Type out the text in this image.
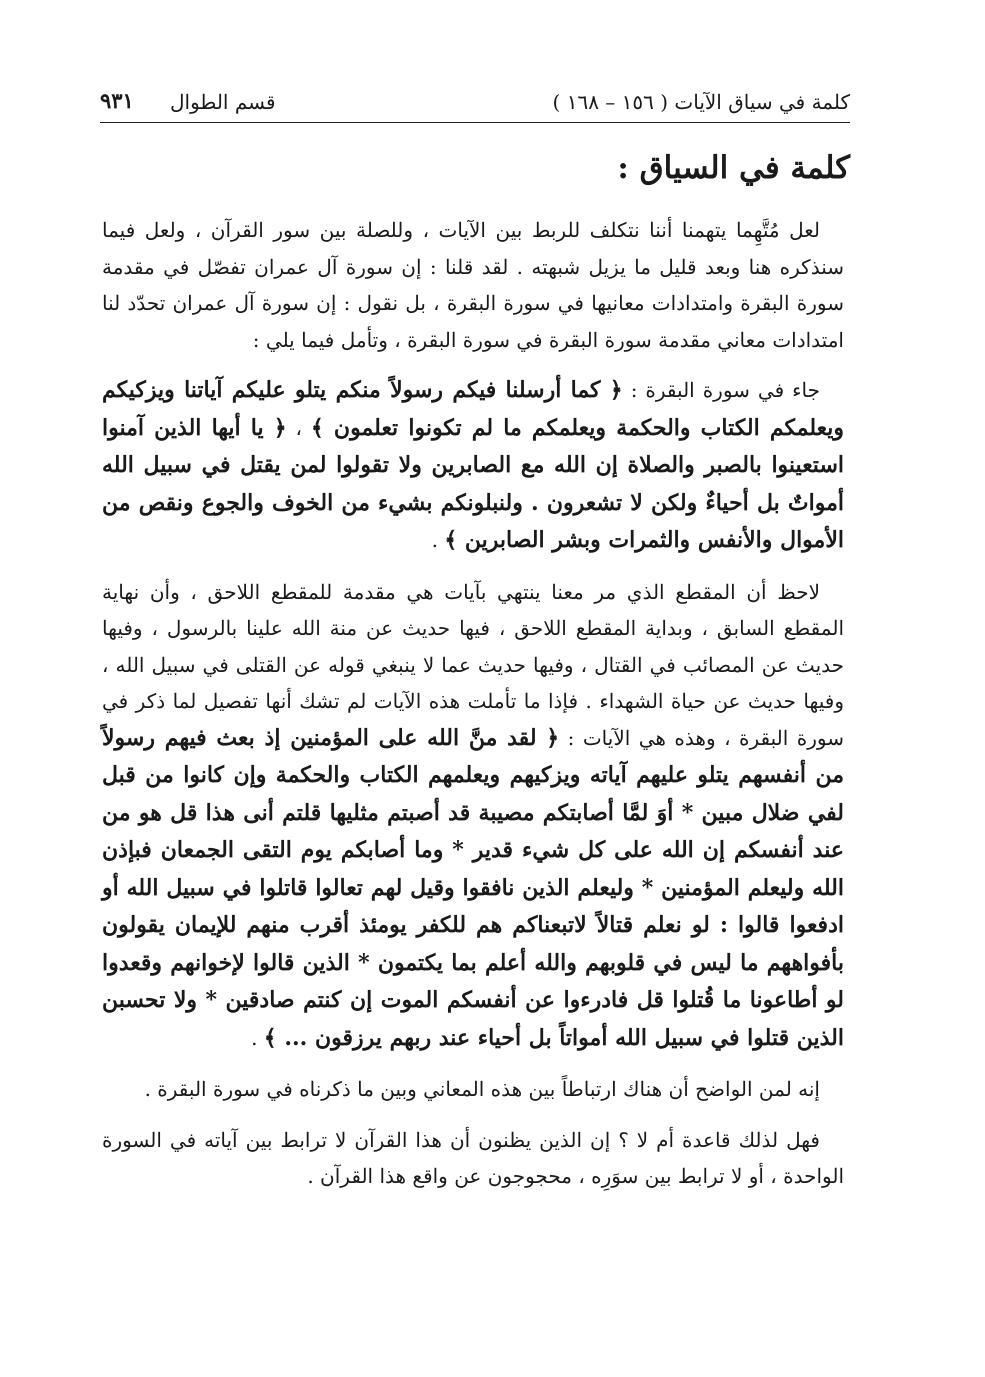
كلمة في سياق الآيات ( ١٥٦ – ١٦٨ )
قسم الطوال
٩٣١
كلمة في السياق :

لعل مُتَّهِما يتهمنا أننا نتكلف للربط بين الآيات ، وللصلة بين سور القرآن ، ولعل فيما سنذكره هنا وبعد قليل ما يزيل شبهته . لقد قلنا : إن سورة آل عمران تفصّل في مقدمة سورة البقرة وامتدادات معانيها في سورة البقرة ، بل نقول : إن سورة آل عمران تحدّد لنا امتدادات معاني مقدمة سورة البقرة في سورة البقرة ، وتأمل فيما يلي :

جاء في سورة البقرة : ﴿ كما أرسلنا فيكم رسولاً منكم يتلو عليكم آياتنا ويزكيكم ويعلمكم الكتاب والحكمة ويعلمكم ما لم تكونوا تعلمون ﴾ ، ﴿ يا أيها الذين آمنوا استعينوا بالصبر والصلاة إن الله مع الصابرين ولا تقولوا لمن يقتل في سبيل الله أمواتٌ بل أحياءٌ ولكن لا تشعرون . ولنبلونكم بشيء من الخوف والجوع ونقص من الأموال والأنفس والثمرات وبشر الصابرين ﴾ .

لاحظ أن المقطع الذي مر معنا ينتهي بآيات هي مقدمة للمقطع اللاحق ، وأن نهاية المقطع السابق ، وبداية المقطع اللاحق ، فيها حديث عن منة الله علينا بالرسول ، وفيها حديث عن المصائب في القتال ، وفيها حديث عما لا ينبغي قوله عن القتلى في سبيل الله ، وفيها حديث عن حياة الشهداء . فإذا ما تأملت هذه الآيات لم تشك أنها تفصيل لما ذكر في سورة البقرة ، وهذه هي الآيات : ﴿ لقد منَّ الله على المؤمنين إذ بعث فيهم رسولاً من أنفسهم يتلو عليهم آياته ويزكيهم ويعلمهم الكتاب والحكمة وإن كانوا من قبل لفي ضلال مبين * أوَ لمَّا أصابتكم مصيبة قد أصبتم مثليها قلتم أنى هذا قل هو من عند أنفسكم إن الله على كل شيء قدير * وما أصابكم يوم التقى الجمعان فبإذن الله وليعلم المؤمنين * وليعلم الذين نافقوا وقيل لهم تعالوا قاتلوا في سبيل الله أو ادفعوا قالوا : لو نعلم قتالاً لاتبعناكم هم للكفر يومئذ أقرب منهم للإيمان يقولون بأفواههم ما ليس في قلوبهم والله أعلم بما يكتمون * الذين قالوا لإخوانهم وقعدوا لو أطاعونا ما قُتلوا قل فادرءوا عن أنفسكم الموت إن كنتم صادقين * ولا تحسبن الذين قتلوا في سبيل الله أمواتاً بل أحياء عند ربهم يرزقون ... ﴾ .

إنه لمن الواضح أن هناك ارتباطاً بين هذه المعاني وبين ما ذكرناه في سورة البقرة .

فهل لذلك قاعدة أم لا ؟ إن الذين يظنون أن هذا القرآن لا ترابط بين آياته في السورة الواحدة ، أو لا ترابط بين سوَرِه ، محجوجون عن واقع هذا القرآن .
